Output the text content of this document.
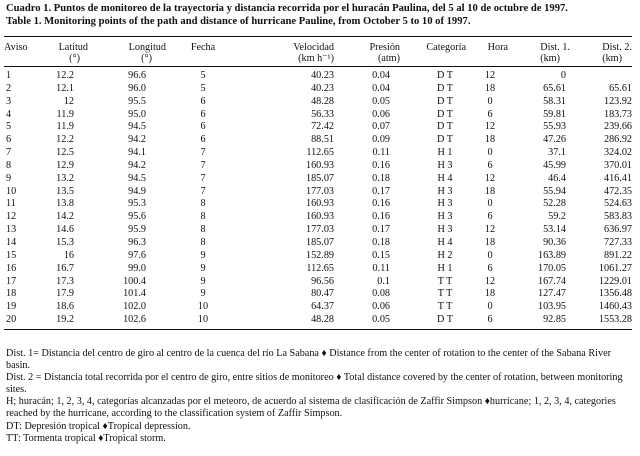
Cuadro 1. Puntos de monitoreo de la trayectoria y distancia recorrida por el huracán Paulina, del 5 al 10 de octubre de 1997.
Table 1. Monitoring points of the path and distance of hurricane Pauline, from October 5 to 10 of 1997.
Aviso	Latitud	Longitud	Fecha	Velocidad	Presión	Categoría	Hora	Dist. 1.	Dist. 2.
	(°)	(°)		(km h⁻¹)	(atm)			(km)	(km)
1	12.2	96.6	5	40.23	0.04	D T	12	0	
2	12.1	96.0	5	40.23	0.04	D T	18	65.61	65.61
3	12	95.5	6	48.28	0.05	D T	0	58.31	123.92
4	11.9	95.0	6	56.33	0.06	D T	6	59.81	183.73
5	11.9	94.5	6	72.42	0.07	D T	12	55.93	239.66
6	12.2	94.2	6	88.51	0.09	D T	18	47.26	286.92
7	12.5	94.1	7	112.65	0.11	H 1	0	37.1	324.02
8	12.9	94.2	7	160.93	0.16	H 3	6	45.99	370.01
9	13.2	94.5	7	185.07	0.18	H 4	12	46.4	416.41
10	13.5	94.9	7	177.03	0.17	H 3	18	55.94	472.35
11	13.8	95.3	8	160.93	0.16	H 3	0	52.28	524.63
12	14.2	95.6	8	160.93	0.16	H 3	6	59.2	583.83
13	14.6	95.9	8	177.03	0.17	H 3	12	53.14	636.97
14	15.3	96.3	8	185.07	0.18	H 4	18	90.36	727.33
15	16	97.6	9	152.89	0.15	H 2	0	163.89	891.22
16	16.7	99.0	9	112.65	0.11	H 1	6	170.05	1061.27
17	17.3	100.4	9	96.56	0.1	T T	12	167.74	1229.01
18	17.9	101.4	9	80.47	0.08	T T	18	127.47	1356.48
19	18.6	102.0	10	64.37	0.06	T T	0	103.95	1460.43
20	19.2	102.6	10	48.28	0.05	D T	6	92.85	1553.28

Dist. 1= Distancia del centro de giro al centro de la cuenca del río La Sabana ♦ Distance from the center of rotation to the center of the Sabana River basin.

Dist. 2 = Distancia total recorrida por el centro de giro, entre sitios de monitoreo ♦ Total distance covered by the center of rotation, between monitoring sites.

H; huracán; 1, 2, 3, 4, categorías alcanzadas por el meteoro, de acuerdo al sistema de clasificación de Zaffir Simpson ♦hurricane; 1, 2, 3, 4, categories reached by the hurricane, according to the classification system of Zaffir Simpson.

DT: Depresión tropical ♦Tropical depression.

TT: Tormenta tropical ♦Tropical storm.
